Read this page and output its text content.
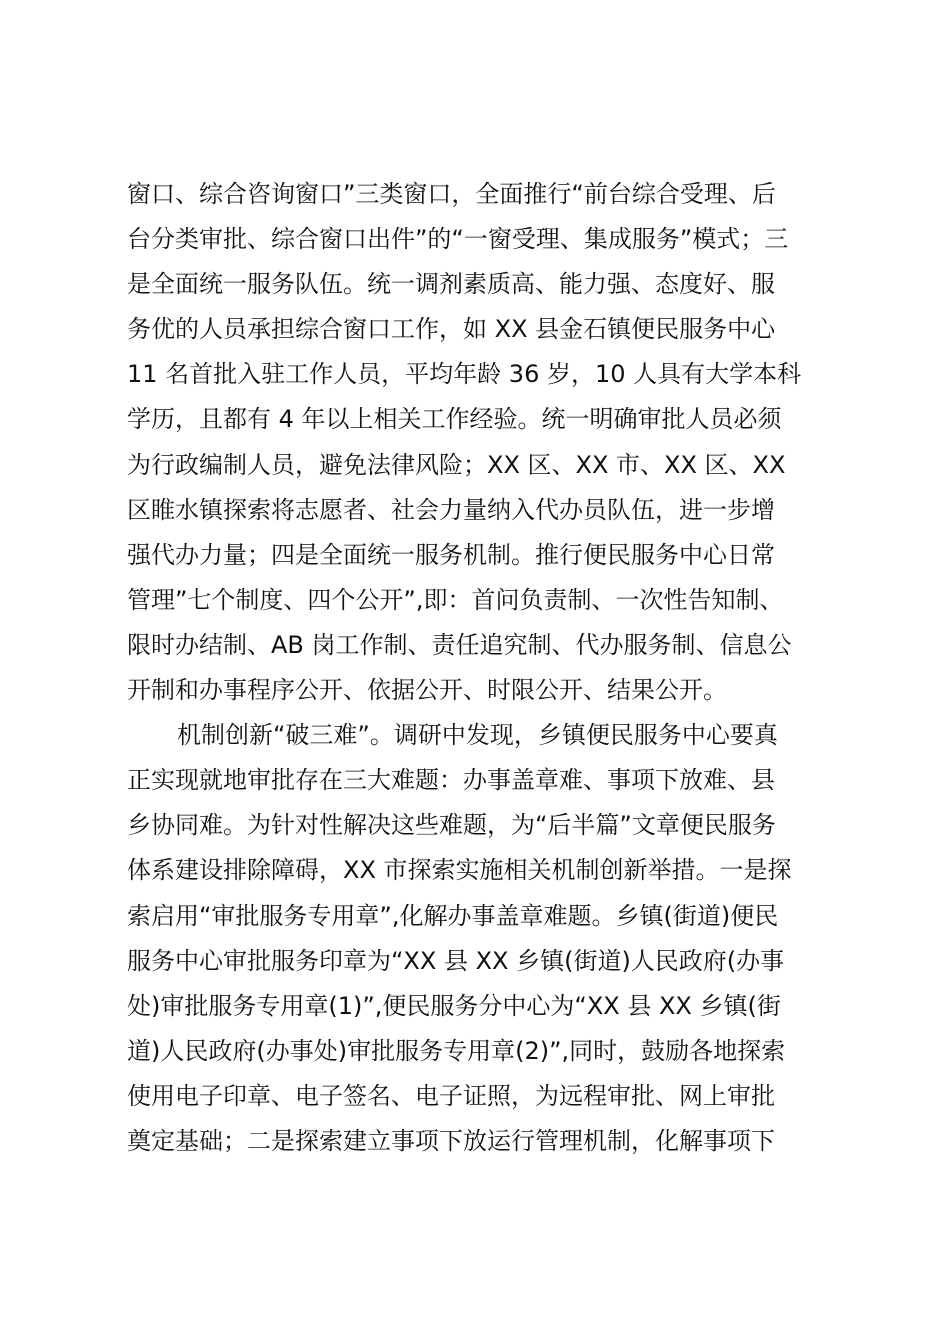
窗口、综合咨询窗口”三类窗口，全面推行“前台综合受理、后
台分类审批、综合窗口出件”的“一窗受理、集成服务”模式；三
是全面统一服务队伍。统一调剂素质高、能力强、态度好、服
务优的人员承担综合窗口工作，如 XX 县金石镇便民服务中心
11 名首批入驻工作人员，平均年龄 36 岁，10 人具有大学本科
学历，且都有 4 年以上相关工作经验。统一明确审批人员必须
为行政编制人员，避免法律风险；XX 区、XX 市、XX 区、XX
区睢水镇探索将志愿者、社会力量纳入代办员队伍，进一步增
强代办力量；四是全面统一服务机制。推行便民服务中心日常
管理”七个制度、四个公开”,即：首问负责制、一次性告知制、
限时办结制、AB 岗工作制、责任追究制、代办服务制、信息公
开制和办事程序公开、依据公开、时限公开、结果公开。
机制创新“破三难”。调研中发现，乡镇便民服务中心要真
正实现就地审批存在三大难题：办事盖章难、事项下放难、县
乡协同难。为针对性解决这些难题，为“后半篇”文章便民服务
体系建设排除障碍，XX 市探索实施相关机制创新举措。一是探
索启用“审批服务专用章”,化解办事盖章难题。乡镇(街道)便民
服务中心审批服务印章为“XX 县 XX 乡镇(街道)人民政府(办事
处)审批服务专用章(1)”,便民服务分中心为“XX 县 XX 乡镇(街
道)人民政府(办事处)审批服务专用章(2)”,同时，鼓励各地探索
使用电子印章、电子签名、电子证照，为远程审批、网上审批
奠定基础；二是探索建立事项下放运行管理机制，化解事项下
